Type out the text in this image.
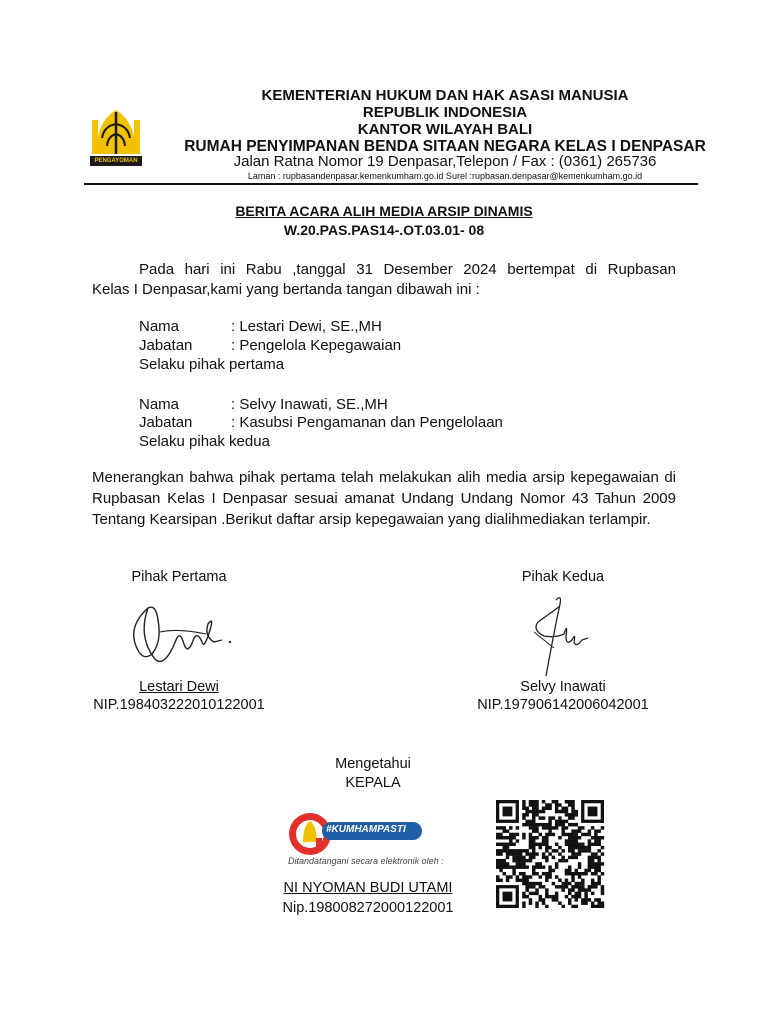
PENGAYOMAN
KEMENTERIAN HUKUM DAN HAK ASASI MANUSIA
REPUBLIK INDONESIA
KANTOR WILAYAH BALI
RUMAH PENYIMPANAN BENDA SITAAN NEGARA KELAS I DENPASAR
Jalan Ratna Nomor 19 Denpasar,Telepon / Fax : (0361) 265736
Laman : rupbasandenpasar.kemenkumham.go.id Surel :rupbasan.denpasar@kemenkumham.go.id
BERITA ACARA ALIH MEDIA ARSIP DINAMIS
W.20.PAS.PAS14-.OT.03.01- 08
Pada hari ini Rabu ,tanggal 31 Desember 2024 bertempat di Rupbasan
Kelas I Denpasar,kami yang bertanda tangan dibawah ini :
Nama	: Lestari Dewi, SE.,MH
Jabatan	: Pengelola Kepegawaian
Selaku pihak pertama
Nama	: Selvy Inawati, SE.,MH
Jabatan	: Kasubsi Pengamanan dan Pengelolaan
Selaku pihak kedua
Menerangkan bahwa pihak pertama telah melakukan alih media arsip kepegawaian di Rupbasan Kelas I Denpasar sesuai amanat Undang Undang Nomor 43 Tahun 2009 Tentang Kearsipan .Berikut daftar arsip kepegawaian yang dialihmediakan terlampir.
Pihak Pertama	Pihak Kedua
Lestari Dewi
NIP.198403222010122001
Selvy Inawati
NIP.197906142006042001
Mengetahui
KEPALA
#KUMHAMPASTI
Ditandatangani secara elektronik oleh :
NI NYOMAN BUDI UTAMI
Nip.198008272000122001
